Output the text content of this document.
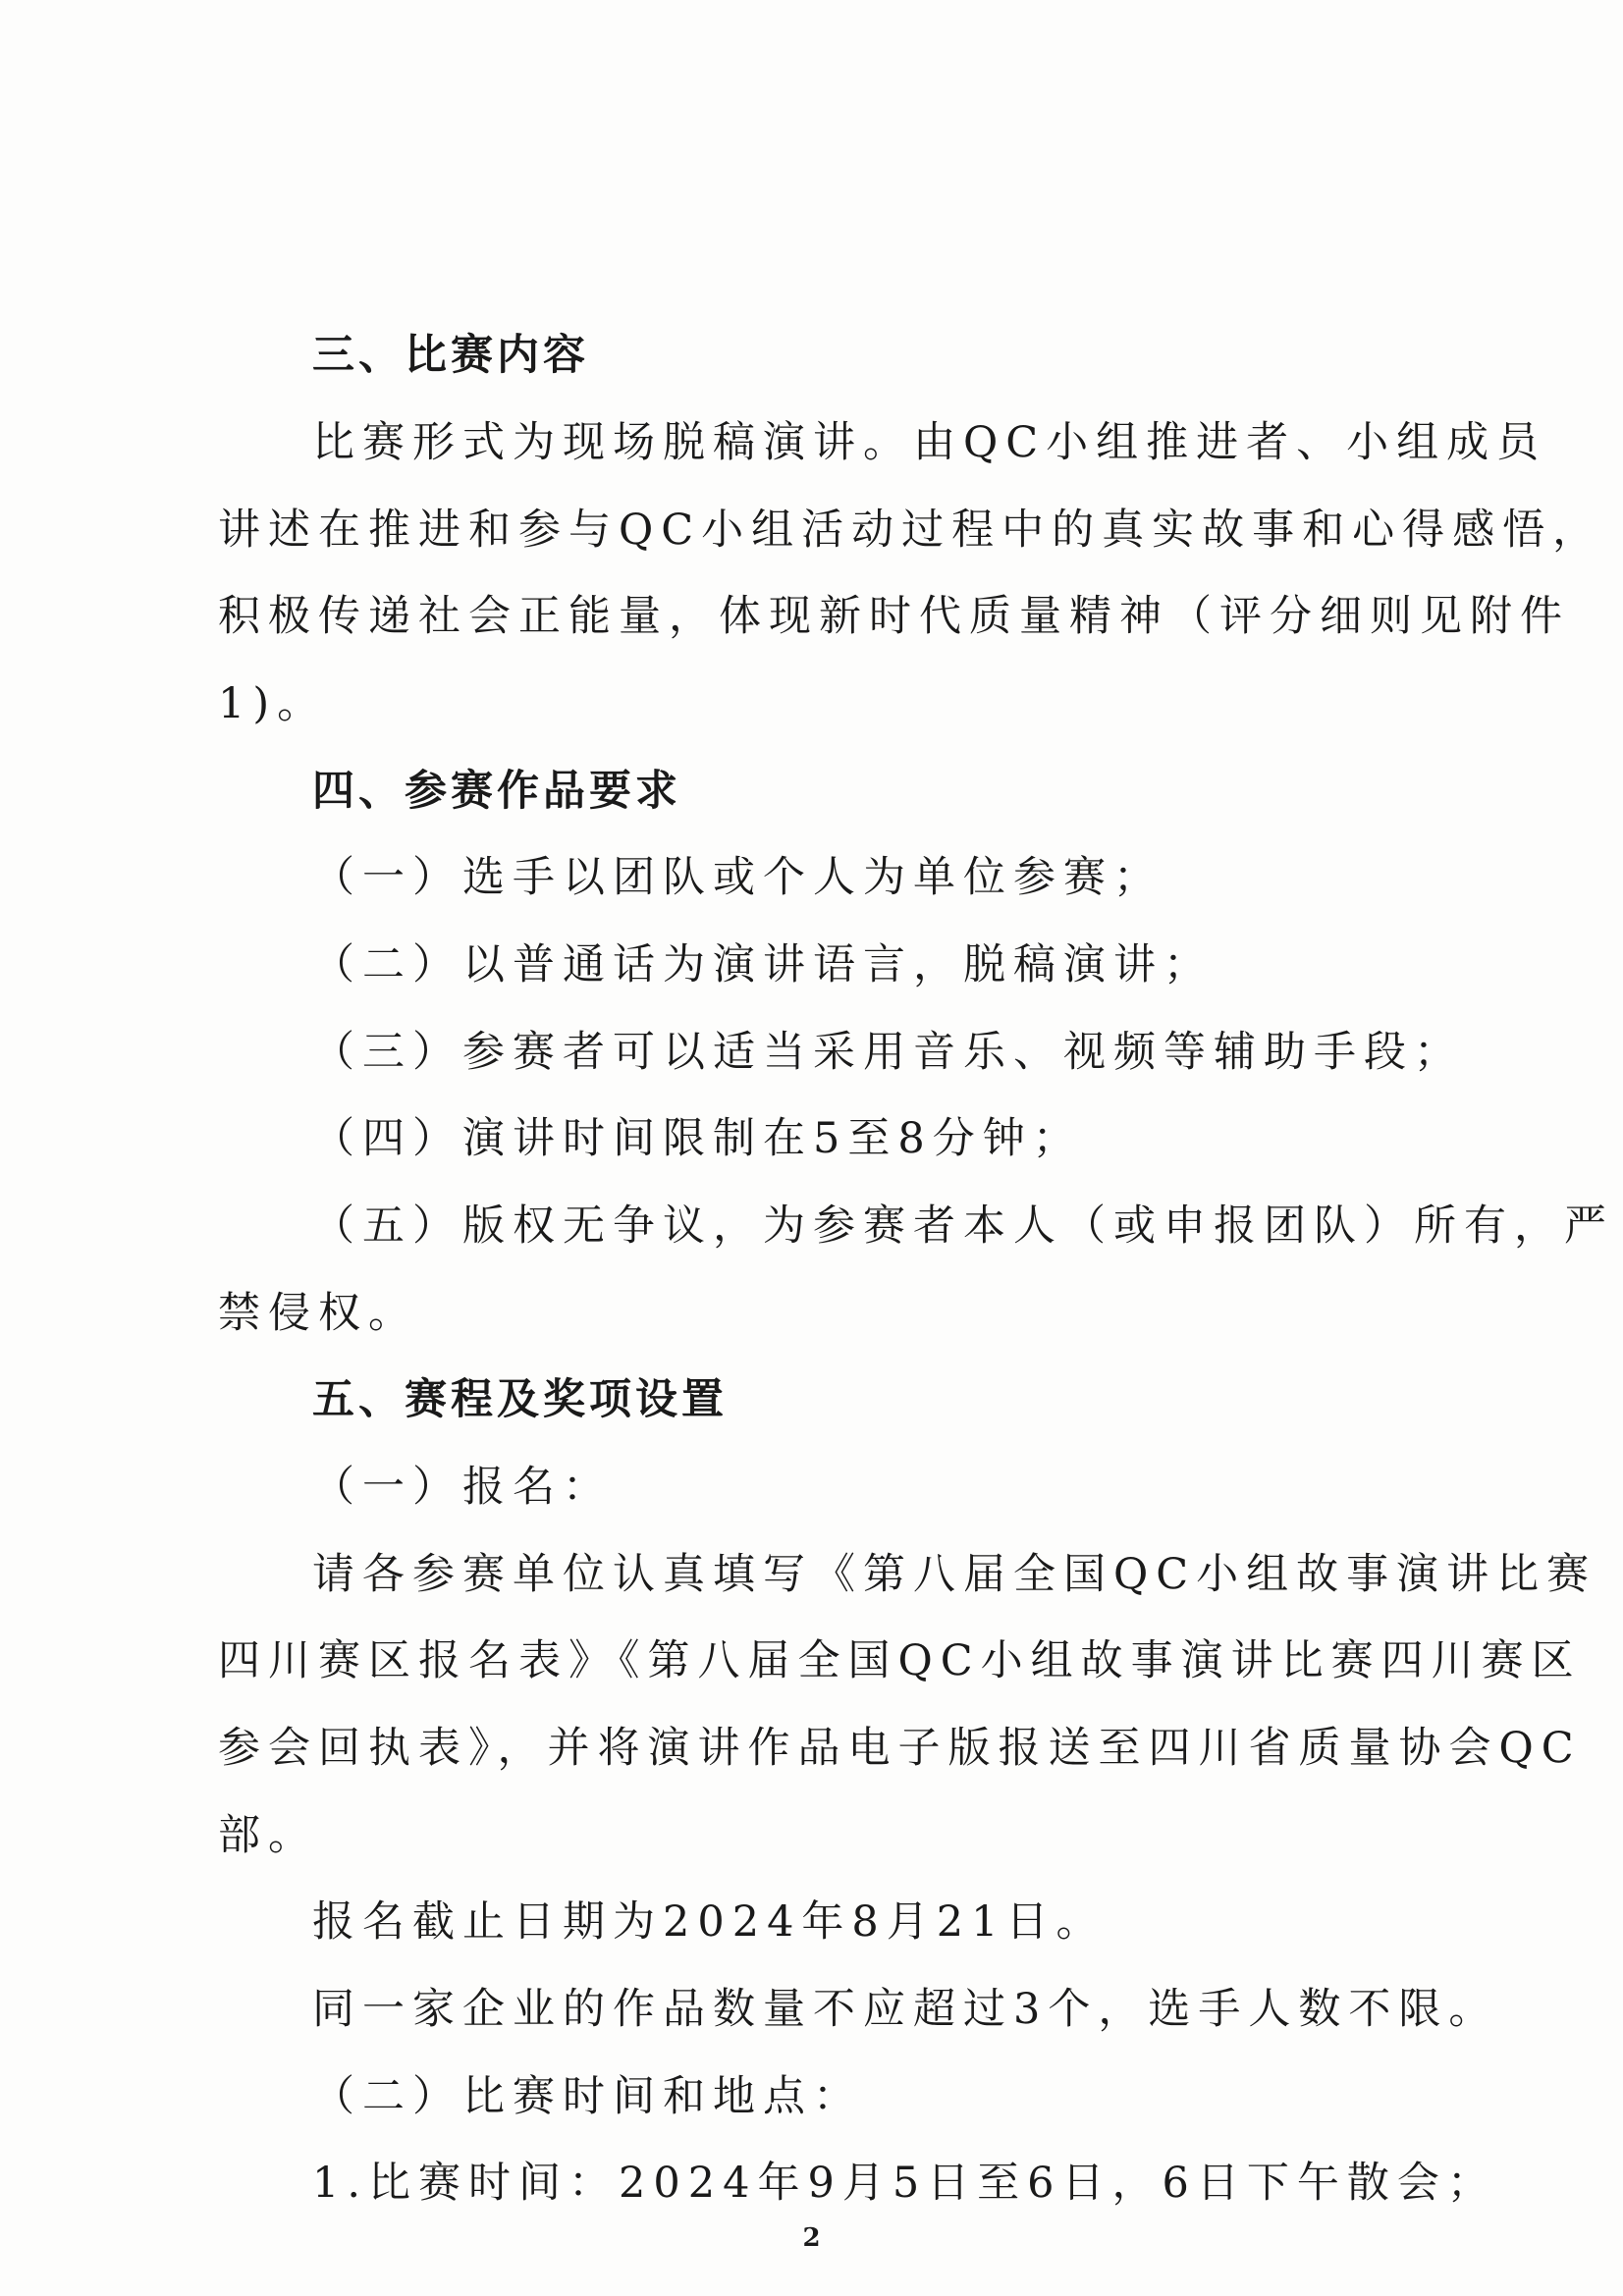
三、比赛内容
比赛形式为现场脱稿演讲。由QC小组推进者、小组成员
讲述在推进和参与QC小组活动过程中的真实故事和心得感悟，
积极传递社会正能量，体现新时代质量精神（评分细则见附件
1)。
四、参赛作品要求
（一）选手以团队或个人为单位参赛；
（二）以普通话为演讲语言，脱稿演讲；
（三）参赛者可以适当采用音乐、视频等辅助手段；
（四）演讲时间限制在5至8分钟；
（五）版权无争议，为参赛者本人（或申报团队）所有，严
禁侵权。
五、赛程及奖项设置
（一）报名：
请各参赛单位认真填写《第八届全国QC小组故事演讲比赛
四川赛区报名表》《第八届全国QC小组故事演讲比赛四川赛区
参会回执表》，并将演讲作品电子版报送至四川省质量协会QC
部。
报名截止日期为2024年8月21日。
同一家企业的作品数量不应超过3个，选手人数不限。
（二）比赛时间和地点：
1.比赛时间：2024年9月5日至6日，6日下午散会；
2
